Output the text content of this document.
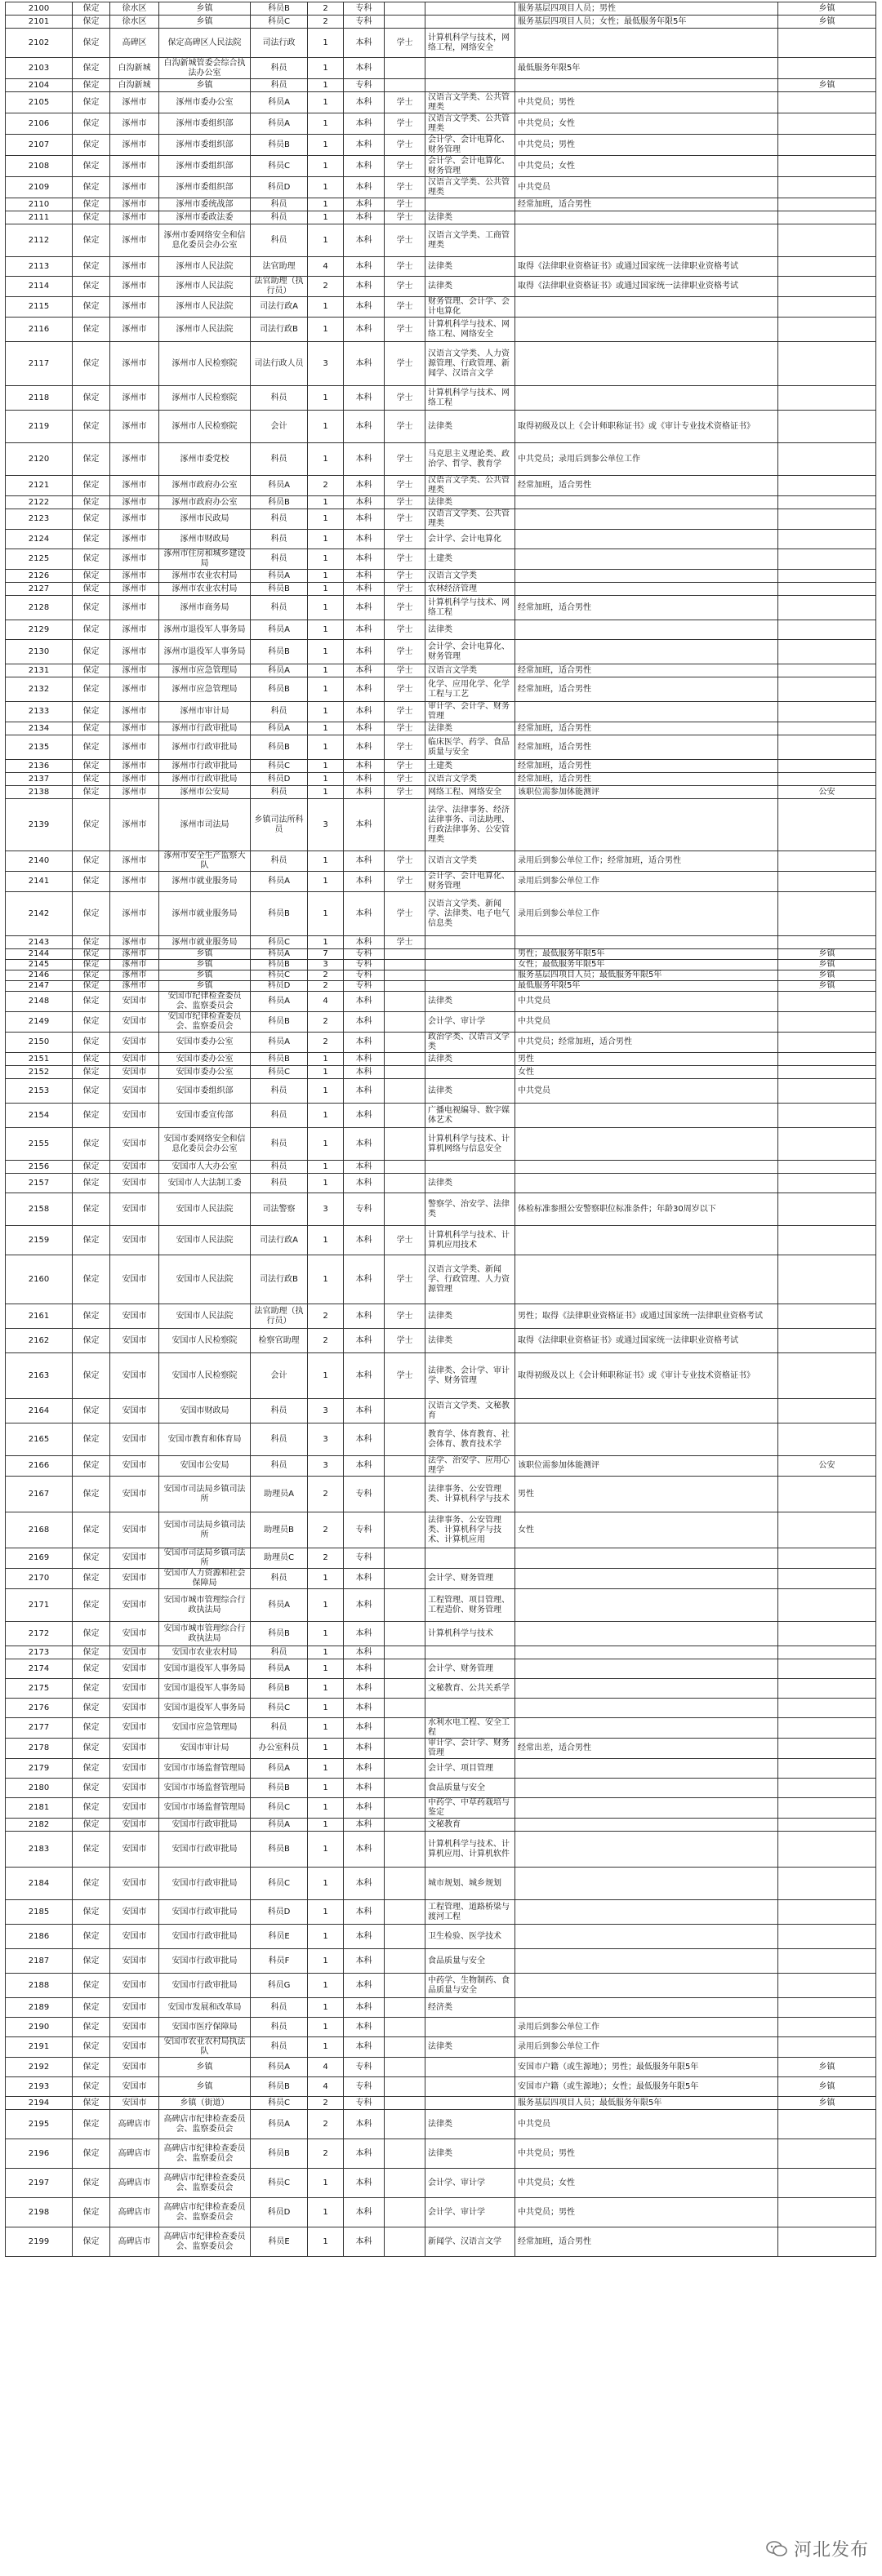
2100	保定	徐水区	乡镇	科员B	2	专科			服务基层四项目人员；男性	乡镇
2101	保定	徐水区	乡镇	科员C	2	专科			服务基层四项目人员；女性；最低服务年限5年	乡镇
2102	保定	高碑区	保定高碑区人民法院	司法行政	1	本科	学士	计算机科学与技术，网络工程，网络安全		
2103	保定	白沟新城	白沟新城管委会综合执法办公室	科员	1	本科			最低服务年限5年	
2104	保定	白沟新城	乡镇	科员	1	专科				乡镇
2105	保定	涿州市	涿州市委办公室	科员A	1	本科	学士	汉语言文学类、公共管理类	中共党员；男性	
2106	保定	涿州市	涿州市委组织部	科员A	1	本科	学士	汉语言文学类、公共管理类	中共党员；女性	
2107	保定	涿州市	涿州市委组织部	科员B	1	本科	学士	会计学、会计电算化、财务管理	中共党员；男性	
2108	保定	涿州市	涿州市委组织部	科员C	1	本科	学士	会计学、会计电算化、财务管理	中共党员；女性	
2109	保定	涿州市	涿州市委组织部	科员D	1	本科	学士	汉语言文学类、公共管理类	中共党员	
2110	保定	涿州市	涿州市委统战部	科员	1	本科	学士		经常加班，适合男性	
2111	保定	涿州市	涿州市委政法委	科员	1	本科	学士	法律类		
2112	保定	涿州市	涿州市委网络安全和信息化委员会办公室	科员	1	本科	学士	汉语言文学类、工商管理类		
2113	保定	涿州市	涿州市人民法院	法官助理	4	本科	学士	法律类	取得《法律职业资格证书》或通过国家统一法律职业资格考试	
2114	保定	涿州市	涿州市人民法院	法官助理（执行员）	2	本科	学士	法律类	取得《法律职业资格证书》或通过国家统一法律职业资格考试	
2115	保定	涿州市	涿州市人民法院	司法行政A	1	本科	学士	财务管理、会计学、会计电算化		
2116	保定	涿州市	涿州市人民法院	司法行政B	1	本科	学士	计算机科学与技术、网络工程、网络安全		
2117	保定	涿州市	涿州市人民检察院	司法行政人员	3	本科	学士	汉语言文学类、人力资源管理、行政管理、新闻学、汉语言文学		
2118	保定	涿州市	涿州市人民检察院	科员	1	本科	学士	计算机科学与技术、网络工程		
2119	保定	涿州市	涿州市人民检察院	会计	1	本科	学士	法律类	取得初级及以上《会计师职称证书》或《审计专业技术资格证书》	
2120	保定	涿州市	涿州市委党校	科员	1	本科	学士	马克思主义理论类、政治学、哲学、教育学	中共党员；录用后到参公单位工作	
2121	保定	涿州市	涿州市政府办公室	科员A	2	本科	学士	汉语言文学类、公共管理类	经常加班，适合男性	
2122	保定	涿州市	涿州市政府办公室	科员B	1	本科	学士	法律类		
2123	保定	涿州市	涿州市民政局	科员	1	本科	学士	汉语言文学类、公共管理类		
2124	保定	涿州市	涿州市财政局	科员	1	本科	学士	会计学、会计电算化		
2125	保定	涿州市	涿州市住房和城乡建设局	科员	1	本科	学士	土建类		
2126	保定	涿州市	涿州市农业农村局	科员A	1	本科	学士	汉语言文学类		
2127	保定	涿州市	涿州市农业农村局	科员B	1	本科	学士	农林经济管理		
2128	保定	涿州市	涿州市商务局	科员	1	本科	学士	计算机科学与技术、网络工程	经常加班，适合男性	
2129	保定	涿州市	涿州市退役军人事务局	科员A	1	本科	学士	法律类		
2130	保定	涿州市	涿州市退役军人事务局	科员B	1	本科	学士	会计学、会计电算化、财务管理		
2131	保定	涿州市	涿州市应急管理局	科员A	1	本科	学士	汉语言文学类	经常加班，适合男性	
2132	保定	涿州市	涿州市应急管理局	科员B	1	本科	学士	化学、应用化学、化学工程与工艺	经常加班，适合男性	
2133	保定	涿州市	涿州市审计局	科员	1	本科	学士	审计学、会计学、财务管理		
2134	保定	涿州市	涿州市行政审批局	科员A	1	本科	学士	法律类	经常加班，适合男性	
2135	保定	涿州市	涿州市行政审批局	科员B	1	本科	学士	临床医学、药学、食品质量与安全	经常加班，适合男性	
2136	保定	涿州市	涿州市行政审批局	科员C	1	本科	学士	土建类	经常加班，适合男性	
2137	保定	涿州市	涿州市行政审批局	科员D	1	本科	学士	汉语言文学类	经常加班，适合男性	
2138	保定	涿州市	涿州市公安局	科员	1	本科	学士	网络工程、网络安全	该职位需参加体能测评	公安
2139	保定	涿州市	涿州市司法局	乡镇司法所科员	3	本科		法学、法律事务、经济法律事务、司法助理、行政法律事务、公安管理类		
2140	保定	涿州市	涿州市安全生产监察大队	科员	1	本科	学士	汉语言文学类	录用后到参公单位工作；经常加班，适合男性	
2141	保定	涿州市	涿州市就业服务局	科员A	1	本科	学士	会计学、会计电算化、财务管理	录用后到参公单位工作	
2142	保定	涿州市	涿州市就业服务局	科员B	1	本科	学士	汉语言文学类、新闻学、法律类、电子电气信息类	录用后到参公单位工作	
2143	保定	涿州市	涿州市就业服务局	科员C	1	本科	学士			
2144	保定	涿州市	乡镇	科员A	7	专科			男性；最低服务年限5年	乡镇
2145	保定	涿州市	乡镇	科员B	3	专科			女性；最低服务年限5年	乡镇
2146	保定	涿州市	乡镇	科员C	2	专科			服务基层四项目人员；最低服务年限5年	乡镇
2147	保定	涿州市	乡镇	科员D	2	专科			最低服务年限5年	乡镇
2148	保定	安国市	安国市纪律检查委员会、监察委员会	科员A	4	本科		法律类	中共党员	
2149	保定	安国市	安国市纪律检查委员会、监察委员会	科员B	2	本科		会计学、审计学	中共党员	
2150	保定	安国市	安国市委办公室	科员A	2	本科		政治学类、汉语言文学类	中共党员；经常加班，适合男性	
2151	保定	安国市	安国市委办公室	科员B	1	本科		法律类	男性	
2152	保定	安国市	安国市委办公室	科员C	1	本科			女性	
2153	保定	安国市	安国市委组织部	科员	1	本科		法律类	中共党员	
2154	保定	安国市	安国市委宣传部	科员	1	本科		广播电视编导、数字媒体艺术		
2155	保定	安国市	安国市委网络安全和信息化委员会办公室	科员	1	本科		计算机科学与技术、计算机网络与信息安全		
2156	保定	安国市	安国市人大办公室	科员	1	本科				
2157	保定	安国市	安国市人大法制工委	科员	1	本科		法律类		
2158	保定	安国市	安国市人民法院	司法警察	3	专科		警察学、治安学、法律类	体检标准参照公安警察职位标准条件；年龄30周岁以下	
2159	保定	安国市	安国市人民法院	司法行政A	1	本科	学士	计算机科学与技术、计算机应用技术		
2160	保定	安国市	安国市人民法院	司法行政B	1	本科	学士	汉语言文学类、新闻学、行政管理、人力资源管理		
2161	保定	安国市	安国市人民法院	法官助理（执行员）	2	本科	学士	法律类	男性；取得《法律职业资格证书》或通过国家统一法律职业资格考试	
2162	保定	安国市	安国市人民检察院	检察官助理	2	本科	学士	法律类	取得《法律职业资格证书》或通过国家统一法律职业资格考试	
2163	保定	安国市	安国市人民检察院	会计	1	本科	学士	法律类、会计学、审计学、财务管理	取得初级及以上《会计师职称证书》或《审计专业技术资格证书》	
2164	保定	安国市	安国市财政局	科员	3	本科		汉语言文学类、文秘教育		
2165	保定	安国市	安国市教育和体育局	科员	3	本科		教育学、体育教育、社会体育、教育技术学		
2166	保定	安国市	安国市公安局	科员	3	本科		法学、治安学、应用心理学	该职位需参加体能测评	公安
2167	保定	安国市	安国市司法局乡镇司法所	助理员A	2	专科		法律事务、公安管理类、计算机科学与技术	男性	
2168	保定	安国市	安国市司法局乡镇司法所	助理员B	2	专科		法律事务、公安管理类、计算机科学与技术、计算机应用	女性	
2169	保定	安国市	安国市司法局乡镇司法所	助理员C	2	专科				
2170	保定	安国市	安国市人力资源和社会保障局	科员	1	本科		会计学、财务管理		
2171	保定	安国市	安国市城市管理综合行政执法局	科员A	1	本科		工程管理、项目管理、工程造价、财务管理		
2172	保定	安国市	安国市城市管理综合行政执法局	科员B	1	本科		计算机科学与技术		
2173	保定	安国市	安国市农业农村局	科员	1	本科				
2174	保定	安国市	安国市退役军人事务局	科员A	1	本科		会计学、财务管理		
2175	保定	安国市	安国市退役军人事务局	科员B	1	本科		文秘教育、公共关系学		
2176	保定	安国市	安国市退役军人事务局	科员C	1	本科				
2177	保定	安国市	安国市应急管理局	科员	1	本科		水利水电工程、安全工程		
2178	保定	安国市	安国市审计局	办公室科员	1	本科		审计学、会计学、财务管理	经常出差，适合男性	
2179	保定	安国市	安国市市场监督管理局	科员A	1	本科		会计学、项目管理		
2180	保定	安国市	安国市市场监督管理局	科员B	1	本科		食品质量与安全		
2181	保定	安国市	安国市市场监督管理局	科员C	1	本科		中药学、中草药栽培与鉴定		
2182	保定	安国市	安国市行政审批局	科员A	1	本科		文秘教育		
2183	保定	安国市	安国市行政审批局	科员B	1	本科		计算机科学与技术、计算机应用、计算机软件		
2184	保定	安国市	安国市行政审批局	科员C	1	本科		城市规划、城乡规划		
2185	保定	安国市	安国市行政审批局	科员D	1	本科		工程管理、道路桥梁与渡河工程		
2186	保定	安国市	安国市行政审批局	科员E	1	本科		卫生检验、医学技术		
2187	保定	安国市	安国市行政审批局	科员F	1	本科		食品质量与安全		
2188	保定	安国市	安国市行政审批局	科员G	1	本科		中药学、生物制药、食品质量与安全		
2189	保定	安国市	安国市发展和改革局	科员	1	本科		经济类		
2190	保定	安国市	安国市医疗保障局	科员	1	本科			录用后到参公单位工作	
2191	保定	安国市	安国市农业农村局执法队	科员	1	本科		法律类	录用后到参公单位工作	
2192	保定	安国市	乡镇	科员A	4	专科			安国市户籍（或生源地）；男性；最低服务年限5年	乡镇
2193	保定	安国市	乡镇	科员B	4	专科			安国市户籍（或生源地）；女性；最低服务年限5年	乡镇
2194	保定	安国市	乡镇（街道）	科员C	2	专科			服务基层四项目人员；最低服务年限5年	乡镇
2195	保定	高碑店市	高碑店市纪律检查委员会、监察委员会	科员A	2	本科		法律类	中共党员	
2196	保定	高碑店市	高碑店市纪律检查委员会、监察委员会	科员B	2	本科		法律类	中共党员；男性	
2197	保定	高碑店市	高碑店市纪律检查委员会、监察委员会	科员C	1	本科		会计学、审计学	中共党员；女性	
2198	保定	高碑店市	高碑店市纪律检查委员会、监察委员会	科员D	1	本科		会计学、审计学	中共党员；男性	
2199	保定	高碑店市	高碑店市纪律检查委员会、监察委员会	科员E	1	本科		新闻学、汉语言文学	经常加班，适合男性	
河北发布
